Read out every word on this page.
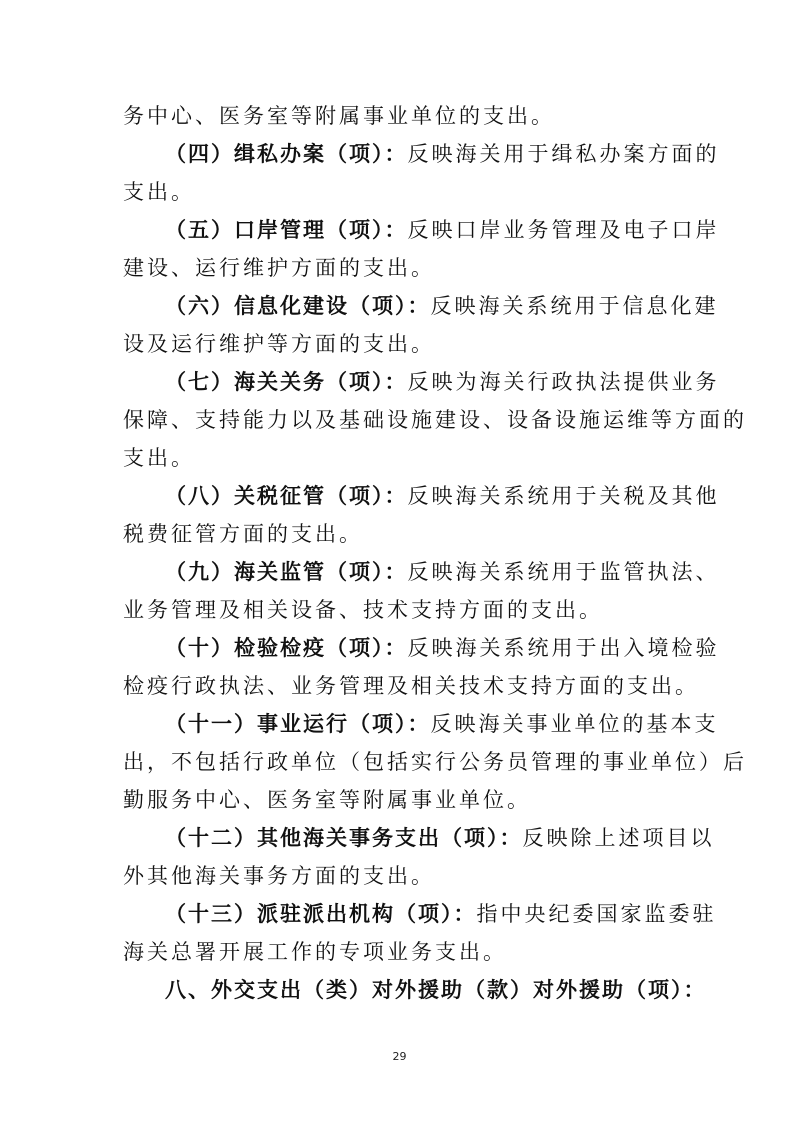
务中心、医务室等附属事业单位的支出。
（四）缉私办案（项）：反映海关用于缉私办案方面的
支出。
（五）口岸管理（项）：反映口岸业务管理及电子口岸
建设、运行维护方面的支出。
（六）信息化建设（项）：反映海关系统用于信息化建
设及运行维护等方面的支出。
（七）海关关务（项）：反映为海关行政执法提供业务
保障、支持能力以及基础设施建设、设备设施运维等方面的
支出。
（八）关税征管（项）：反映海关系统用于关税及其他
税费征管方面的支出。
（九）海关监管（项）：反映海关系统用于监管执法、
业务管理及相关设备、技术支持方面的支出。
（十）检验检疫（项）：反映海关系统用于出入境检验
检疫行政执法、业务管理及相关技术支持方面的支出。
（十一）事业运行（项）：反映海关事业单位的基本支
出，不包括行政单位（包括实行公务员管理的事业单位）后
勤服务中心、医务室等附属事业单位。
（十二）其他海关事务支出（项）：反映除上述项目以
外其他海关事务方面的支出。
（十三）派驻派出机构（项）：指中央纪委国家监委驻
海关总署开展工作的专项业务支出。
八、外交支出（类）对外援助（款）对外援助（项）：
29
